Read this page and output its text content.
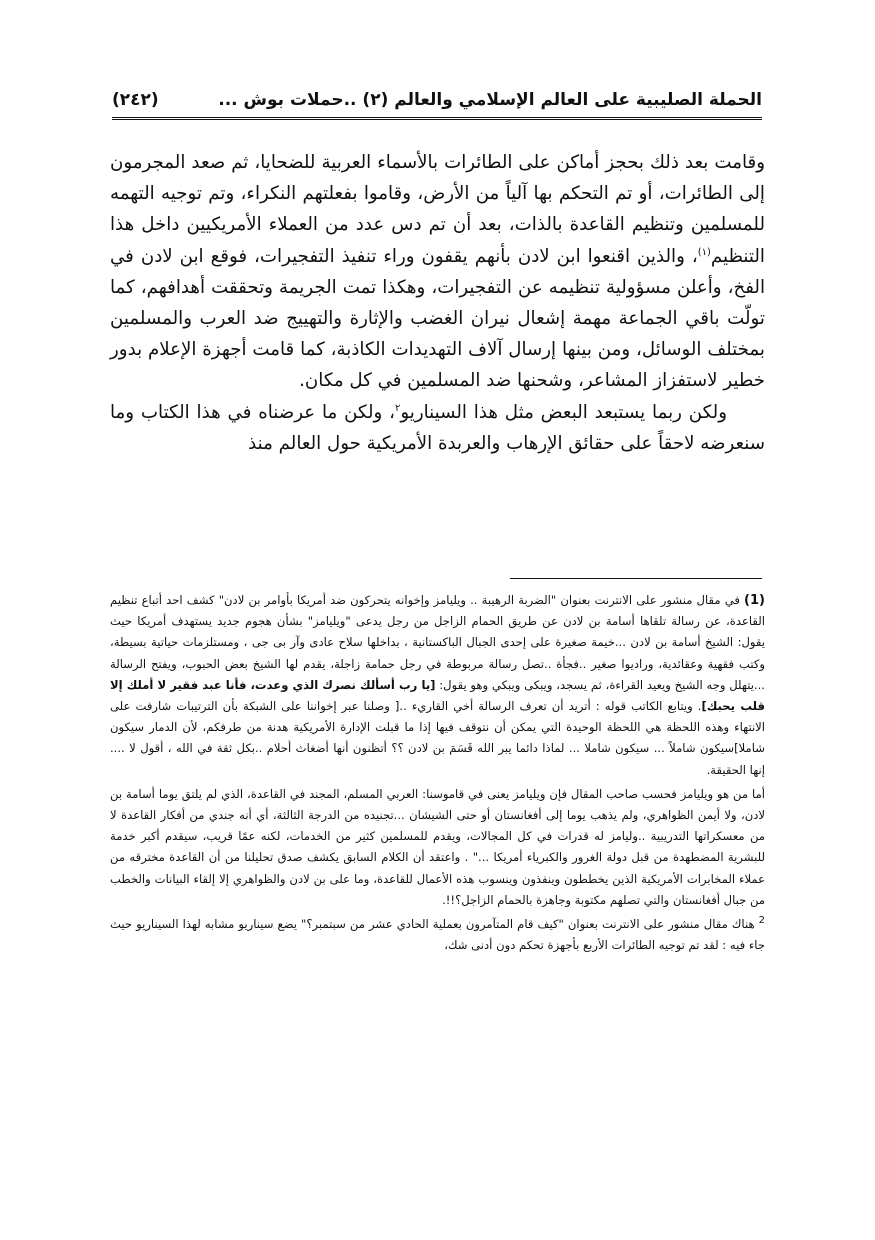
الحملة الصليبية على العالم الإسلامي والعالم (٢) ..حملات بوش ...
(٢٤٢)

وقامت بعد ذلك بحجز أماكن على الطائرات بالأسماء العربية للضحايا، ثم صعد المجرمون إلى الطائرات، أو تم التحكم بها آلياً من الأرض، وقاموا بفعلتهم النكراء، وتم توجيه التهمه للمسلمين وتنظيم القاعدة بالذات، بعد أن تم دس عدد من العملاء الأمريكيين داخل هذا التنظيم$^{(١)}$، والذين اقنعوا ابن لادن بأنهم يقفون وراء تنفيذ التفجيرات، فوقع ابن لادن في الفخ، وأعلن مسؤولية تنظيمه عن التفجيرات، وهكذا تمت الجريمة وتحققت أهدافهم، كما تولّت باقي الجماعة مهمة إشعال نيران الغضب والإثارة والتهييج ضد العرب والمسلمين بمختلف الوسائل، ومن بينها إرسال آلاف التهديدات الكاذبة، كما قامت أجهزة الإعلام بدور خطير لاستفزاز المشاعر، وشحنها ضد المسلمين في كل مكان.

ولكن ربما يستبعد البعض مثل هذا السيناريو$^٢$، ولكن ما عرضناه في هذا الكتاب وما سنعرضه لاحقاً على حقائق الإرهاب والعربدة الأمريكية حول العالم منذ

(1) في مقال منشور على الانترنت بعنوان "الضربة الرهيبة .. ويليامز وإخوانه يتحركون ضد أمريكا بأوامر بن لادن" كشف احد أتباع تنظيم القاعدة، عن رسالة تلقاها أسامة بن لادن عن طريق الحمام الزاجل من رجل يدعى "ويليامز" بشأن هجوم جديد يستهدف أمريكا حيث يقول: الشيخ أسامة بن لادن ...خيمة صغيرة على إحدى الجبال الباكستانية ، بداخلها سلاح عادى وآر بى جى ، ومستلزمات حياتية بسيطة، وكتب فقهية وعقائدية، وراديوا صغير ..فجأة ..تصل رسالة مربوطة في رجل حمامة زاجلة، يقدم لها الشيخ بعض الحبوب، ويفتح الرسالة ...يتهلل وجه الشيخ ويعيد القراءة، ثم يسجد، ويبكى ويبكي وهو يقول: [يا رب أسألك نصرك الذي وعدت، فأنا عبد فقير لا أملك إلا قلب يحبك]. ويتابع الكاتب قوله : أتريد أن تعرف الرسالة أخي القاريء ..[ وصلنا عبر إخواننا على الشبكة بأن الترتيبات شارفت على الانتهاء وهذه اللحظة هي اللحظة الوحيدة التي يمكن أن نتوقف فيها إذا ما قبلت الإدارة الأمريكية هدنة من طرفكم، لأن الدمار سيكون شاملا]سيكون شاملاً ... سيكون شاملا ... لماذا دائما يبر الله قَسَمَ بن لادن ؟؟ أتظنون أنها أضغاث أحلام ..بكل ثقة في الله ، أقول لا .... إنها الحقيقة.

أما من هو ويليامز فحسب صاحب المقال فإن ويليامز يعنى في قاموسنا: العربي المسلم، المجند في القاعدة، الذي لم يلتق يوما أسامة بن لادن، ولا أيمن الظواهري، ولم يذهب يوما إلى أفغانستان أو حتى الشيشان ...تجنيده من الدرجة الثالثة، أي أنه جندي من أفكار القاعدة لا من معسكراتها التدريبية ..وليامز له قدرات في كل المجالات، ويقدم للمسلمين كثير من الخدمات، لكنه عمًا قريب، سيقدم أكبر خدمة للبشرية المضطهدة من قبل دولة الغرور والكبرياء أمريكا ..." . واعتقد أن الكلام السابق يكشف صدق تحليلنا من أن القاعدة مخترقه من عملاء المخابرات الأمريكية الذين يخططون وينفذون وينسوب هذه الأعمال للقاعدة، وما على بن لادن والظواهري إلا إلقاء البيانات والخطب من جبال أفغانستان والتي تصلهم مكتوبة وجاهزة بالحمام الزاجل؟!!.

2 هناك مقال منشور على الانترنت بعنوان "كيف قام المتآمرون بعملية الحادي عشر من سبتمبر؟" يضع سيناريو مشابه لهذا السيناريو حيث جاء فيه : لقد تم توجيه الطائرات الأربع بأجهزة تحكم دون أدنى شك،
